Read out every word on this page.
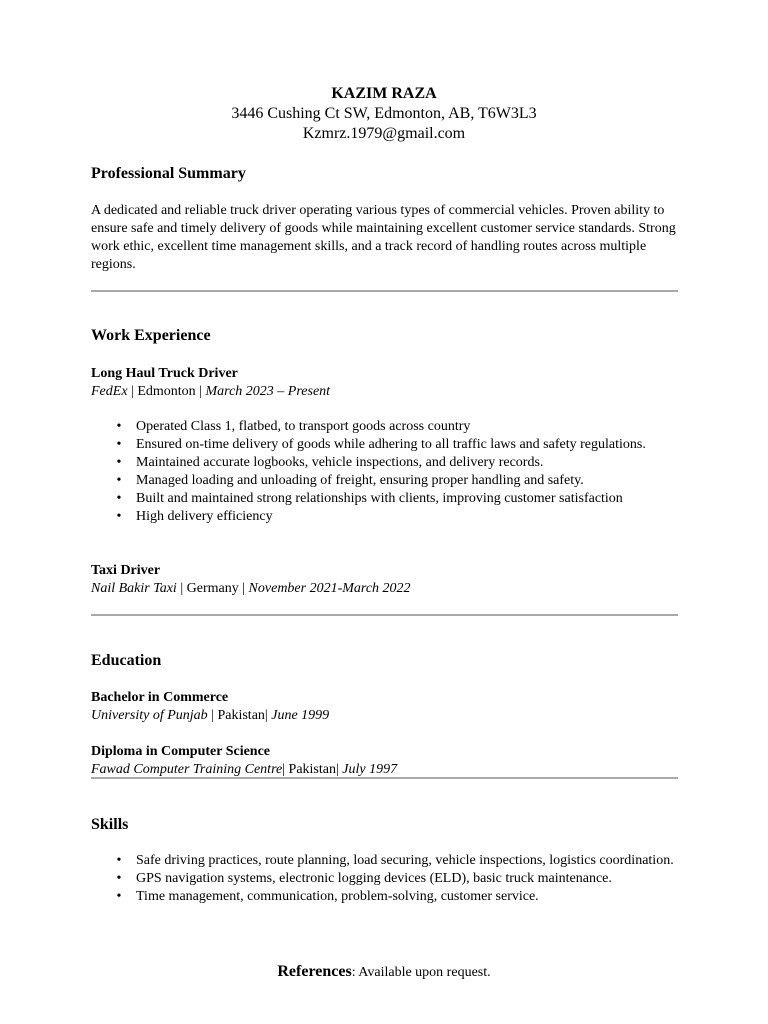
KAZIM RAZA
3446 Cushing Ct SW, Edmonton, AB, T6W3L3
Kzmrz.1979@gmail.com
Professional Summary
A dedicated and reliable truck driver operating various types of commercial vehicles. Proven ability to ensure safe and timely delivery of goods while maintaining excellent customer service standards. Strong work ethic, excellent time management skills, and a track record of handling routes across multiple regions.
Work Experience
Long Haul Truck Driver
FedEx | Edmonton | March 2023 – Present
• Operated Class 1, flatbed, to transport goods across country
• Ensured on-time delivery of goods while adhering to all traffic laws and safety regulations.
• Maintained accurate logbooks, vehicle inspections, and delivery records.
• Managed loading and unloading of freight, ensuring proper handling and safety.
• Built and maintained strong relationships with clients, improving customer satisfaction
• High delivery efficiency
Taxi Driver
Nail Bakir Taxi | Germany | November 2021-March 2022
Education
Bachelor in Commerce
University of Punjab | Pakistan| June 1999
Diploma in Computer Science
Fawad Computer Training Centre| Pakistan| July 1997
Skills
• Safe driving practices, route planning, load securing, vehicle inspections, logistics coordination.
• GPS navigation systems, electronic logging devices (ELD), basic truck maintenance.
• Time management, communication, problem-solving, customer service.
References: Available upon request.
